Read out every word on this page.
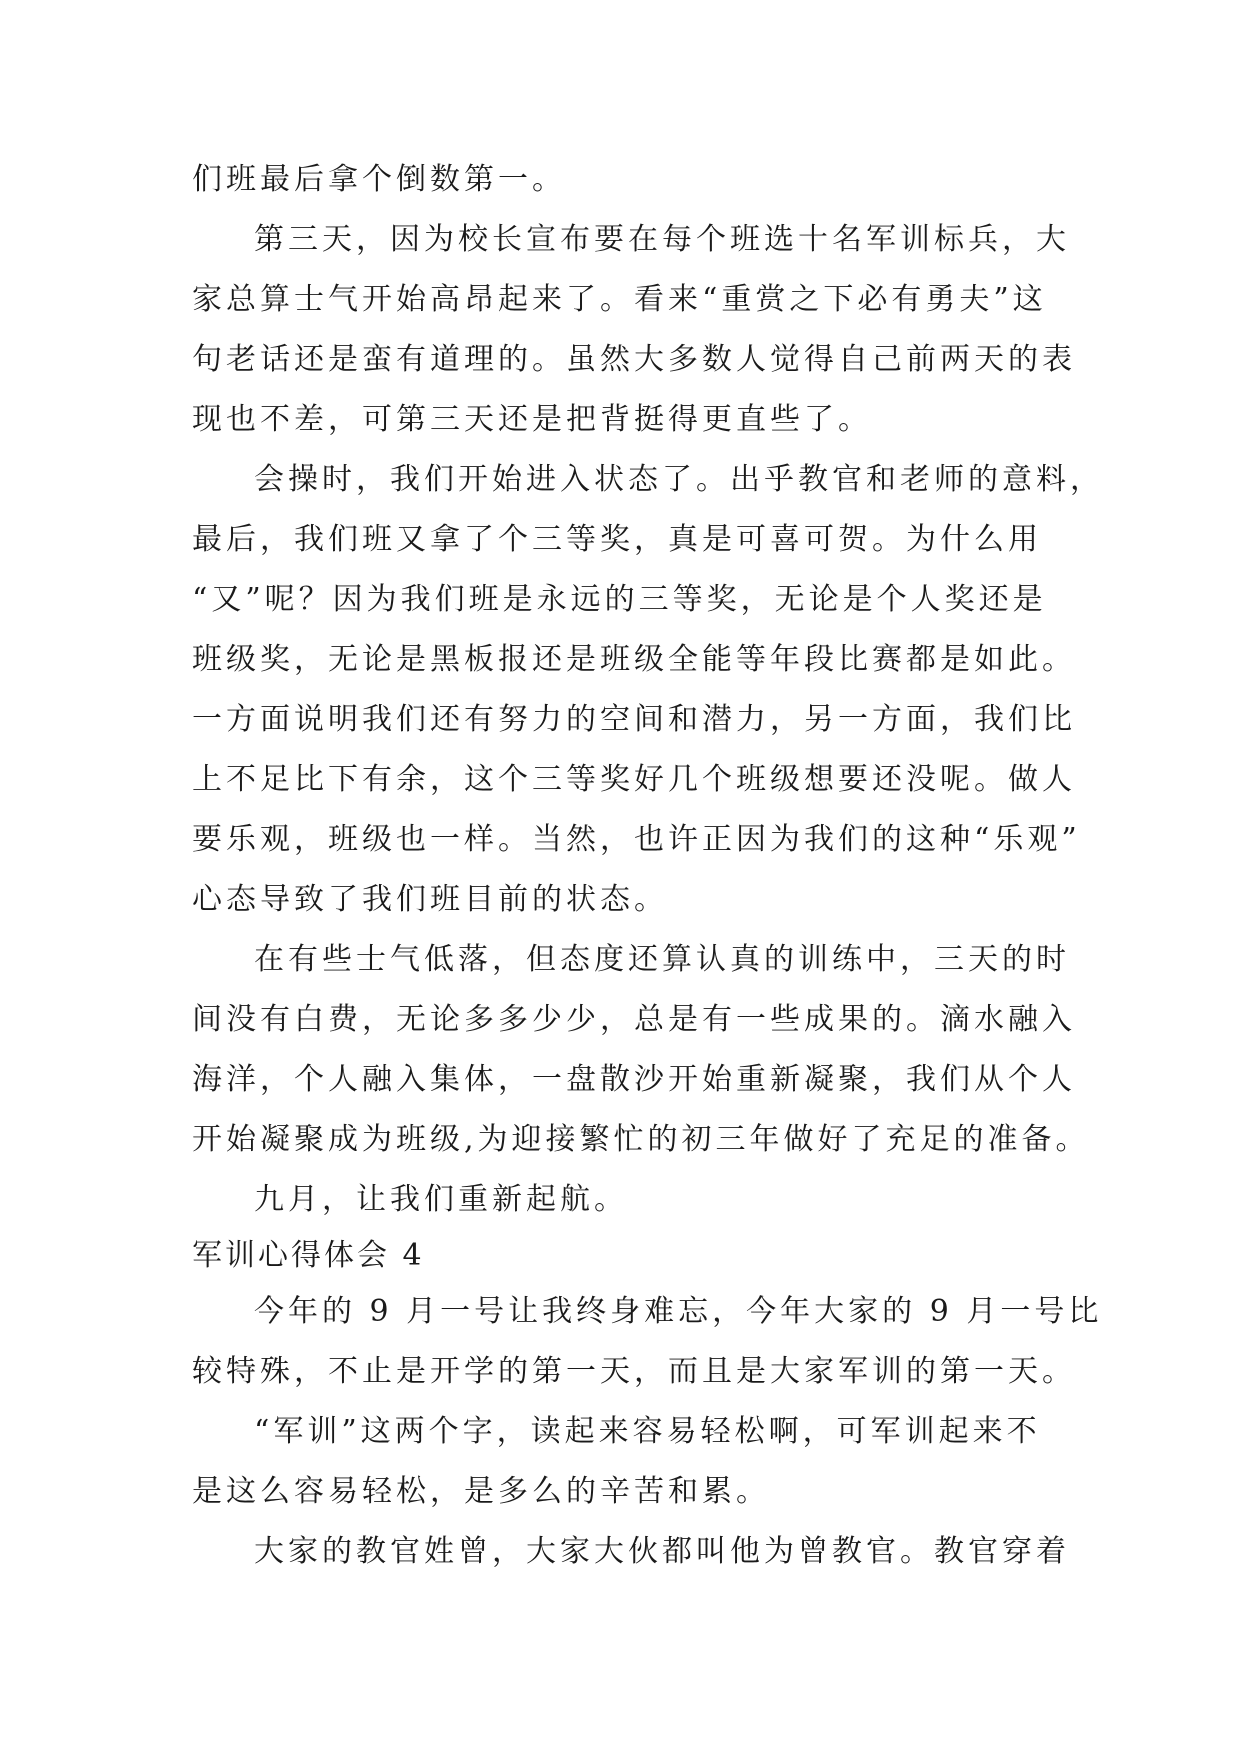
们班最后拿个倒数第一。
第三天，因为校长宣布要在每个班选十名军训标兵，大
家总算士气开始高昂起来了。看来“重赏之下必有勇夫”这
句老话还是蛮有道理的。虽然大多数人觉得自己前两天的表
现也不差，可第三天还是把背挺得更直些了。
会操时，我们开始进入状态了。出乎教官和老师的意料，
最后，我们班又拿了个三等奖，真是可喜可贺。为什么用
“又”呢？因为我们班是永远的三等奖，无论是个人奖还是
班级奖，无论是黑板报还是班级全能等年段比赛都是如此。
一方面说明我们还有努力的空间和潜力，另一方面，我们比
上不足比下有余，这个三等奖好几个班级想要还没呢。做人
要乐观，班级也一样。当然，也许正因为我们的这种“乐观”
心态导致了我们班目前的状态。
在有些士气低落，但态度还算认真的训练中，三天的时
间没有白费，无论多多少少，总是有一些成果的。滴水融入
海洋，个人融入集体，一盘散沙开始重新凝聚，我们从个人
开始凝聚成为班级,为迎接繁忙的初三年做好了充足的准备。
九月，让我们重新起航。
军训心得体会 4
今年的 9 月一号让我终身难忘，今年大家的 9 月一号比
较特殊，不止是开学的第一天，而且是大家军训的第一天。
“军训”这两个字，读起来容易轻松啊，可军训起来不
是这么容易轻松，是多么的辛苦和累。
大家的教官姓曾，大家大伙都叫他为曾教官。教官穿着
